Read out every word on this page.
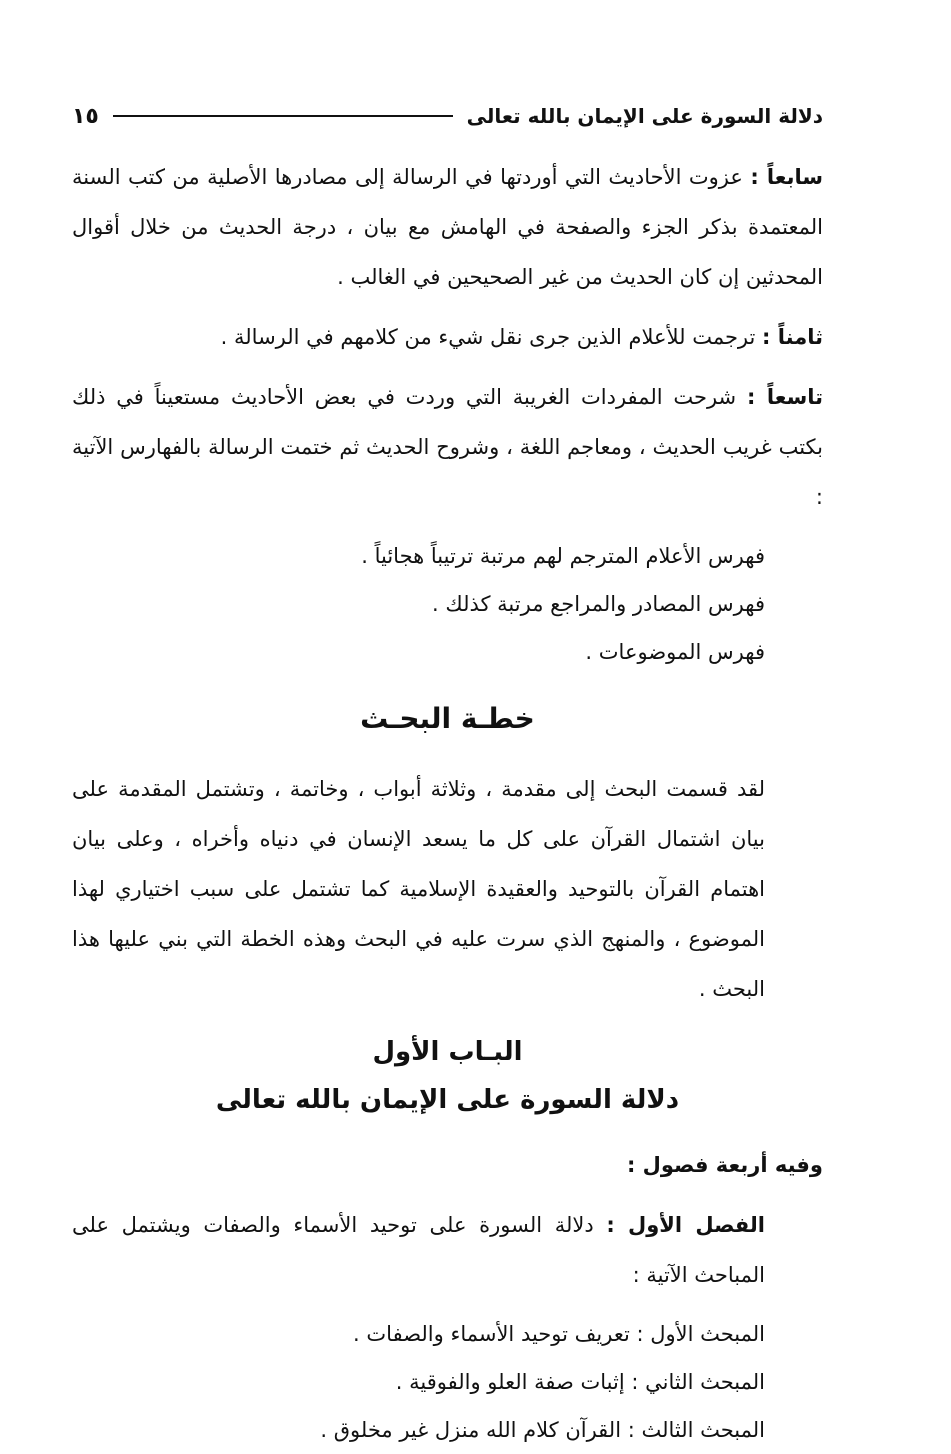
دلالة السورة على الإيمان بالله تعالى
١٥

سابعاً : عزوت الأحاديث التي أوردتها في الرسالة إلى مصادرها الأصلية من كتب السنة المعتمدة بذكر الجزء والصفحة في الهامش مع بيان ، درجة الحديث من خلال أقوال المحدثين إن كان الحديث من غير الصحيحين في الغالب .

ثامناً : ترجمت للأعلام الذين جرى نقل شيء من كلامهم في الرسالة .

تاسعاً : شرحت المفردات الغريبة التي وردت في بعض الأحاديث مستعيناً في ذلك بكتب غريب الحديث ، ومعاجم اللغة ، وشروح الحديث ثم ختمت الرسالة بالفهارس الآتية :

فهرس الأعلام المترجم لهم مرتبة ترتيباً هجائياً .
فهرس المصادر والمراجع مرتبة كذلك .
فهرس الموضوعات .
خطـة البحـث

لقد قسمت البحث إلى مقدمة ، وثلاثة أبواب ، وخاتمة ، وتشتمل المقدمة على بيان اشتمال القرآن على كل ما يسعد الإنسان في دنياه وأخراه ، وعلى بيان اهتمام القرآن بالتوحيد والعقيدة الإسلامية كما تشتمل على سبب اختياري لهذا الموضوع ، والمنهج الذي سرت عليه في البحث وهذه الخطة التي بني عليها هذا البحث .

البـاب الأول
دلالة السورة على الإيمان بالله تعالى
وفيه أربعة فصول :

الفصل الأول : دلالة السورة على توحيد الأسماء والصفات ويشتمل على المباحث الآتية :

المبحث الأول : تعريف توحيد الأسماء والصفات .
المبحث الثاني : إثبات صفة العلو والفوقية .
المبحث الثالث : القرآن كلام الله منزل غير مخلوق .
